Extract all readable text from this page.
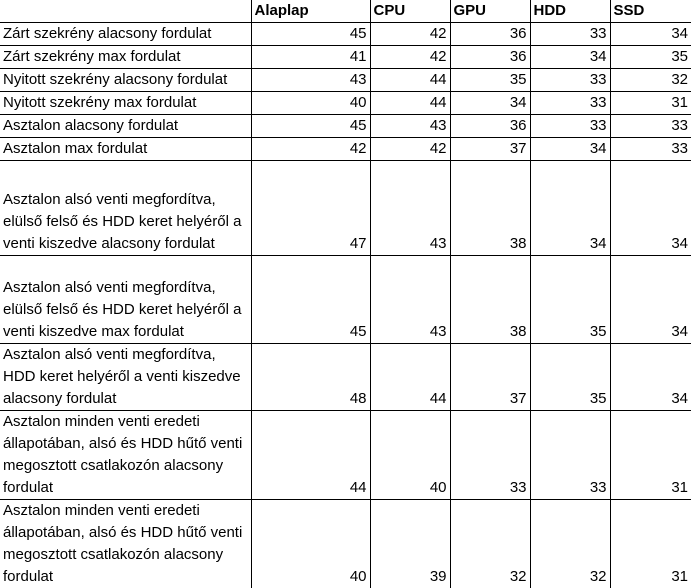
	Alaplap	CPU	GPU	HDD	SSD
Zárt szekrény alacsony fordulat	45	42	36	33	34
Zárt szekrény max fordulat	41	42	36	34	35
Nyitott szekrény alacsony fordulat	43	44	35	33	32
Nyitott szekrény max fordulat	40	44	34	33	31
Asztalon alacsony fordulat	45	43	36	33	33
Asztalon max fordulat	42	42	37	34	33
Asztalon alsó venti megfordítva, elülső felső és HDD keret helyéről a venti kiszedve alacsony fordulat	47	43	38	34	34
Asztalon alsó venti megfordítva, elülső felső és HDD keret helyéről a venti kiszedve max fordulat	45	43	38	35	34
Asztalon alsó venti megfordítva, HDD keret helyéről a venti kiszedve alacsony fordulat	48	44	37	35	34
Asztalon minden venti eredeti állapotában, alsó és HDD hűtő venti megosztott csatlakozón alacsony fordulat	44	40	33	33	31
Asztalon minden venti eredeti állapotában, alsó és HDD hűtő venti megosztott csatlakozón alacsony fordulat	40	39	32	32	31
